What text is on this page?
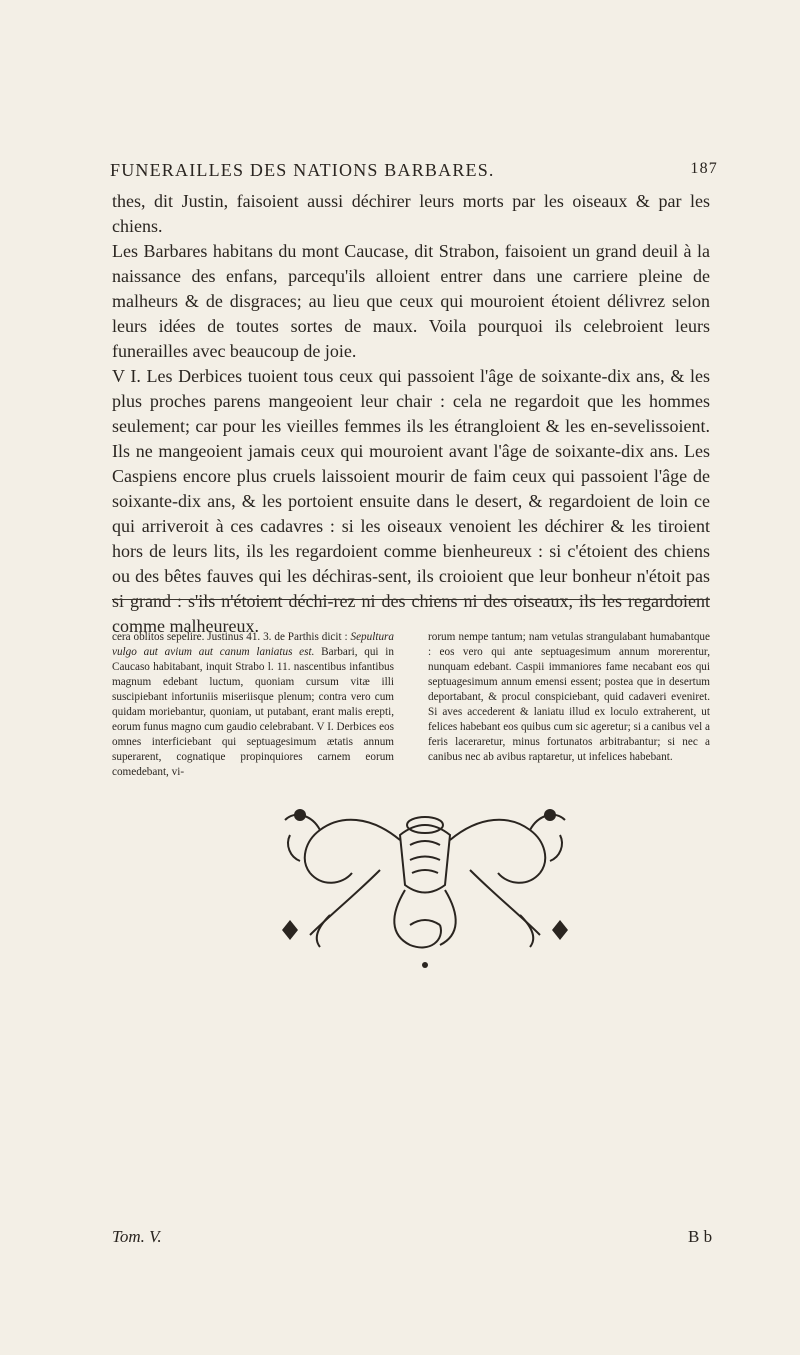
FUNERAILLES DES NATIONS BARBARES.	187

thes, dit Justin, faisoient aussi déchirer leurs morts par les oiseaux & par les chiens.

Les Barbares habitans du mont Caucase, dit Strabon, faisoient un grand deuil à la naissance des enfans, parcequ'ils alloient entrer dans une carriere pleine de malheurs & de disgraces; au lieu que ceux qui mouroient étoient délivrez selon leurs idées de toutes sortes de maux. Voila pourquoi ils celebroient leurs funerailles avec beaucoup de joie.

V I. Les Derbices tuoient tous ceux qui passoient l'âge de soixante-dix ans, & les plus proches parens mangeoient leur chair : cela ne regardoit que les hommes seulement; car pour les vieilles femmes ils les étrangloient & les en-sevelissoient. Ils ne mangeoient jamais ceux qui mouroient avant l'âge de soixante-dix ans. Les Caspiens encore plus cruels laissoient mourir de faim ceux qui passoient l'âge de soixante-dix ans, & les portoient ensuite dans le desert, & regardoient de loin ce qui arriveroit à ces cadavres : si les oiseaux venoient les déchirer & les tiroient hors de leurs lits, ils les regardoient comme bienheureux : si c'étoient des chiens ou des bêtes fauves qui les déchiras-sent, ils croioient que leur bonheur n'étoit pas si grand : s'ils n'étoient déchi-rez ni des chiens ni des oiseaux, ils les regardoient comme malheureux.

cera oblitos sepelire. Justinus 41. 3. de Parthis dicit : Sepultura vulgo aut avium aut canum laniatus est. Barbari, qui in Caucaso habitabant, inquit Strabo l. 11. nascentibus infantibus magnum edebant luctum, quoniam cursum vitæ illi suscipiebant infortuniis miseriisque plenum; contra vero cum quidam moriebantur, quoniam, ut putabant, erant malis erepti, eorum funus magno cum gaudio celebrabant. V I. Derbices eos omnes interficiebant qui septuagesimum ætatis annum superarent, cognatique propinquiores carnem eorum comedebant, vi-

rorum nempe tantum; nam vetulas strangulabant humabantque : eos vero qui ante septuagesimum annum morerentur, nunquam edebant. Caspii immaniores fame necabant eos qui septuagesimum annum emensi essent; postea que in desertum deportabant, & procul conspiciebant, quid cadaveri eveniret. Si aves accederent & laniatu illud ex loculo extraherent, ut felices habebant eos quibus cum sic ageretur; si a canibus vel a feris laceraretur, minus fortunatos arbitrabantur; si nec a canibus nec ab avibus raptaretur, ut infelices habebant.

Tom. V.	B b
